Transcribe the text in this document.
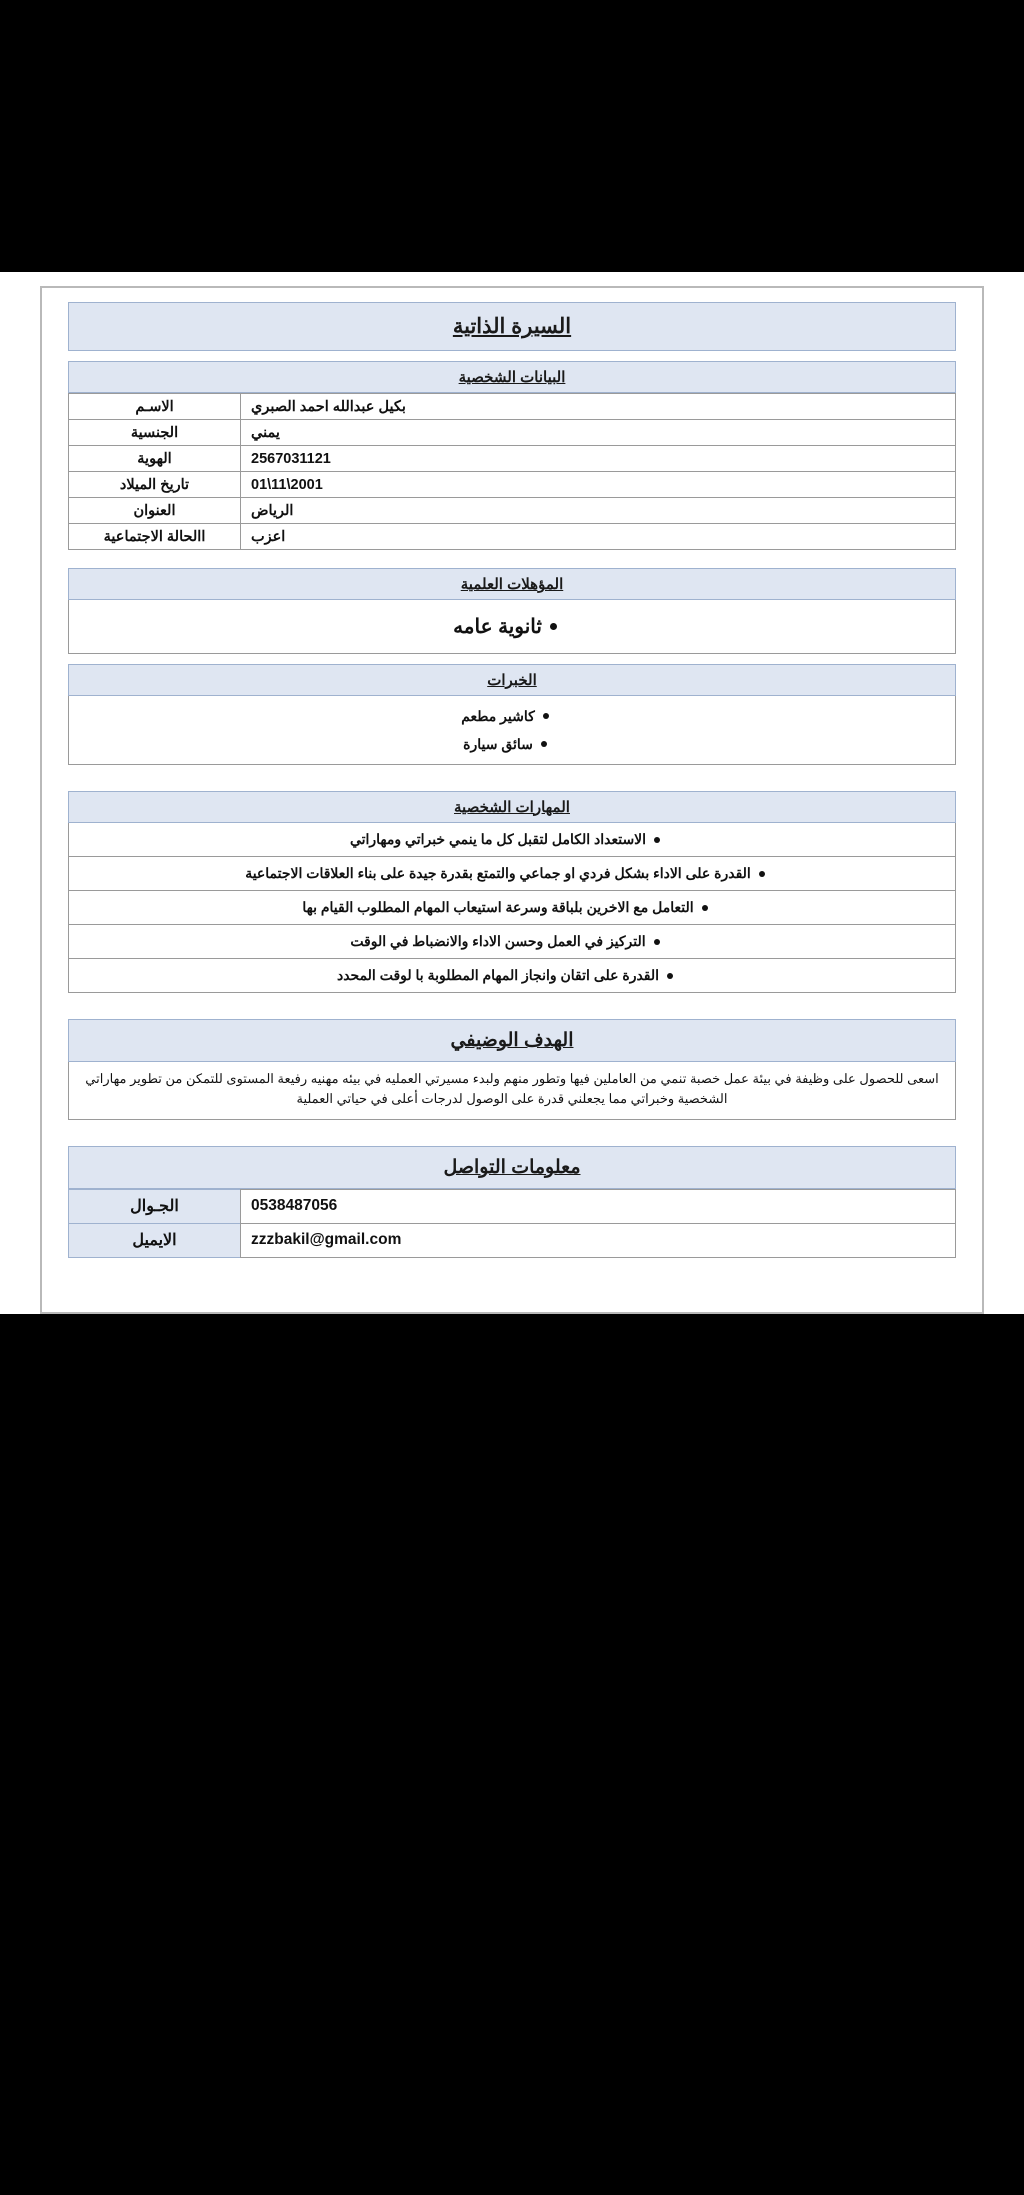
السيرة الذاتية
البيانات الشخصية
بكيل عبدالله احمد الصبري	الاسـم
يمني	الجنسية
2567031121	الهوية
2001\11\01	تاريخ الميلاد
الرياض	العنوان
اعزب	االحالة الاجتماعية
المؤهلات العلمية
ثانوية عامه
الخبرات
كاشير مطعم
سائق سيارة
المهارات الشخصية
الاستعداد الكامل لتقبل كل ما ينمي خبراتي ومهاراتي
القدرة على الاداء بشكل فردي او جماعي والتمتع بقدرة جيدة على بناء العلاقات الاجتماعية
التعامل مع الاخرين بلباقة وسرعة استيعاب المهام المطلوب القيام بها
التركيز في العمل وحسن الاداء والانضباط في الوقت
القدرة على اتقان وانجاز المهام المطلوبة با لوقت المحدد
الهدف الوضيفي
اسعى للحصول على وظيفة في بيئة عمل خصبة تنمي من العاملين فيها وتطور منهم ولبدء مسيرتي العمليه في بيئه مهنيه رفيعة المستوى للتمكن من تطوير مهاراتي الشخصية وخبراتي مما يجعلني قدرة على الوصول لدرجات أعلى في حياتي العملية
معلومات التواصل
0538487056	الجـوال
zzzbakil@gmail.com	الايميل
